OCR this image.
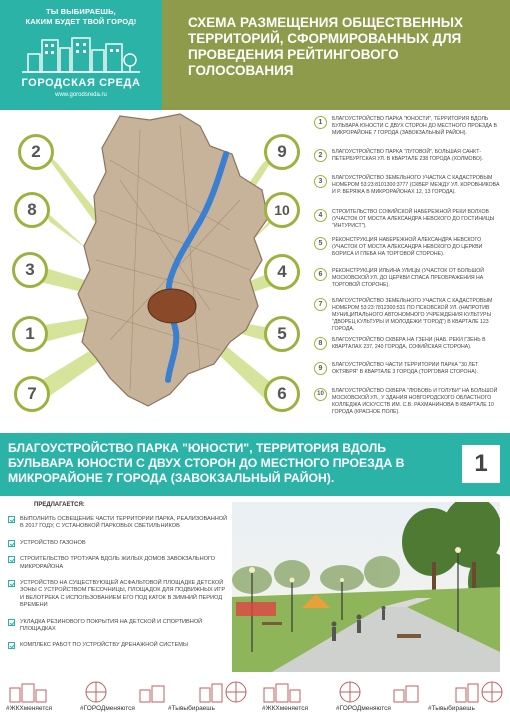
ТЫ ВЫБИРАЕШЬ,
КАКИМ БУДЕТ ТВОЙ ГОРОД!
ГОРОДСКАЯ СРЕДА
www.gorodsreda.ru
СХЕМА РАЗМЕЩЕНИЯ ОБЩЕСТВЕННЫХ ТЕРРИТОРИЙ, СФОРМИРОВАННЫХ ДЛЯ ПРОВЕДЕНИЯ РЕЙТИНГОВОГО ГОЛОСОВАНИЯ
2
8
3
1
7
9
10
4
5
6
1	БЛАГОУСТРОЙСТВО ПАРКА "ЮНОСТИ", ТЕРРИТОРИЯ ВДОЛЬ БУЛЬВАРА ЮНОСТИ С ДВУХ СТОРОН ДО МЕСТНОГО ПРОЕЗДА В МИКРОРАЙОНЕ 7 ГОРОДА (ЗАВОКЗАЛЬНЫЙ РАЙОН).
2	БЛАГОУСТРОЙСТВО ПАРКА "ЛУГОВОЙ", БОЛЬШАЯ САНКТ-ПЕТЕРБУРГСКАЯ УЛ. В КВАРТАЛЕ 238 ГОРОДА (ХОЛМОВО).
3	БЛАГОУСТРОЙСТВО ЗЕМЕЛЬНОГО УЧАСТКА С КАДАСТРОВЫМ НОМЕРОМ 53:23:8101300:3777 (СКВЕР МЕЖДУ УЛ. КОРОВНИКОВА И Р. ВЕРЯЖА В МИКРОРАЙОНАХ 12, 13 ГОРОДА).
4	СТРОИТЕЛЬСТВО СОФИЙСКОЙ НАБЕРЕЖНОЙ РЕКИ ВОЛХОВ (УЧАСТОК ОТ МОСТА АЛЕКСАНДРА НЕВСКОГО ДО ГОСТИНИЦЫ "ИНТУРИСТ").
5	РЕКОНСТРУКЦИЯ НАБЕРЕЖНОЙ АЛЕКСАНДРА НЕВСКОГО (УЧАСТОК ОТ МОСТА АЛЕКСАНДРА НЕВСКОГО ДО ЦЕРКВИ БОРИСА И ГЛЕБА НА ТОРГОВОЙ СТОРОНЕ).
6	РЕКОНСТРУКЦИЯ ИЛЬИНА УЛИЦЫ (УЧАСТОК ОТ БОЛЬШОЙ МОСКОВСКОЙ УЛ. ДО ЦЕРКВИ СПАСА ПРЕОБРАЖЕНИЯ НА ТОРГОВОЙ СТОРОНЕ).
7	БЛАГОУСТРОЙСТВО ЗЕМЕЛЬНОГО УЧАСТКА С КАДАСТРОВЫМ НОМЕРОМ 53:23:7812300:531 ПО ПСКОВСКОЙ УЛ. (НАПРОТИВ МУНИЦИПАЛЬНОГО АВТОНОМНОГО УЧРЕЖДЕНИЯ КУЛЬТУРЫ "ДВОРЕЦ КУЛЬТУРЫ И МОЛОДЕЖИ "ГОРОД") В КВАРТАЛЕ 123 ГОРОДА.
8	БЛАГОУСТРОЙСТВО СКВЕРА НА ГЗЕНИ (НАБ. РЕКИ ГЗЕНЬ В КВАРТАЛАХ 237, 240 ГОРОДА, СОФИЙСКАЯ СТОРОНА).
9	БЛАГОУСТРОЙСТВО ЧАСТИ ТЕРРИТОРИИ ПАРКА "30 ЛЕТ ОКТЯБРЯ" В КВАРТАЛЕ 3 ГОРОДА (ТОРГОВАЯ СТОРОНА).
10	БЛАГОУСТРОЙСТВО СКВЕРА "ЛЮБОВЬ И ГОЛУБИ" НА БОЛЬШОЙ МОСКОВСКОЙ УЛ., У ЗДАНИЯ НОВГОРОДСКОГО ОБЛАСТНОГО КОЛЛЕДЖА ИСКУССТВ ИМ. С.В. РАХМАНИНОВА В КВАРТАЛЕ 10 ГОРОДА (КРАСНОЕ ПОЛЕ).
БЛАГОУСТРОЙСТВО ПАРКА "ЮНОСТИ", ТЕРРИТОРИЯ ВДОЛЬ БУЛЬВАРА ЮНОСТИ С ДВУХ СТОРОН ДО МЕСТНОГО ПРОЕЗДА В МИКРОРАЙОНЕ 7 ГОРОДА (ЗАВОКЗАЛЬНЫЙ РАЙОН).
1
ПРЕДЛАГАЕТСЯ:
ВЫПОЛНИТЬ ОСВЕЩЕНИЕ ЧАСТИ ТЕРРИТОРИИ ПАРКА, РЕАЛИЗОВАННОЙ В 2017 ГОДУ, С УСТАНОВКОЙ ПАРКОВЫХ СВЕТИЛЬНИКОВ
УСТРОЙСТВО ГАЗОНОВ
СТРОИТЕЛЬСТВО ТРОТУАРА ВДОЛЬ ЖИЛЫХ ДОМОВ ЗАВОКЗАЛЬНОГО МИКРОРАЙОНА
УСТРОЙСТВО НА СУЩЕСТВУЮЩЕЙ АСФАЛЬТОВОЙ ПЛОЩАДКЕ ДЕТСКОЙ ЗОНЫ С УСТРОЙСТВОМ ПЕСОЧНИЦЫ, ПЛОЩАДОК ДЛЯ ПОДВИЖНЫХ ИГР И ВЕЛОТРЕКА С ИСПОЛЬЗОВАНИЕМ ЕГО ПОД КАТОК В ЗИМНИЙ ПЕРИОД ВРЕМЕНИ
УКЛАДКА РЕЗИНОВОГО ПОКРЫТИЯ НА ДЕТСКОЙ И СПОРТИВНОЙ ПЛОЩАДКАХ
КОМПЛЕКС РАБОТ ПО УСТРОЙСТВУ ДРЕНАЖНОЙ СИСТЕМЫ
#ЖКХменяется	#ГОРОДменяются	#Тывыбираешь	#ЖКХменяется	#ГОРОДменяются	#Тывыбираешь
